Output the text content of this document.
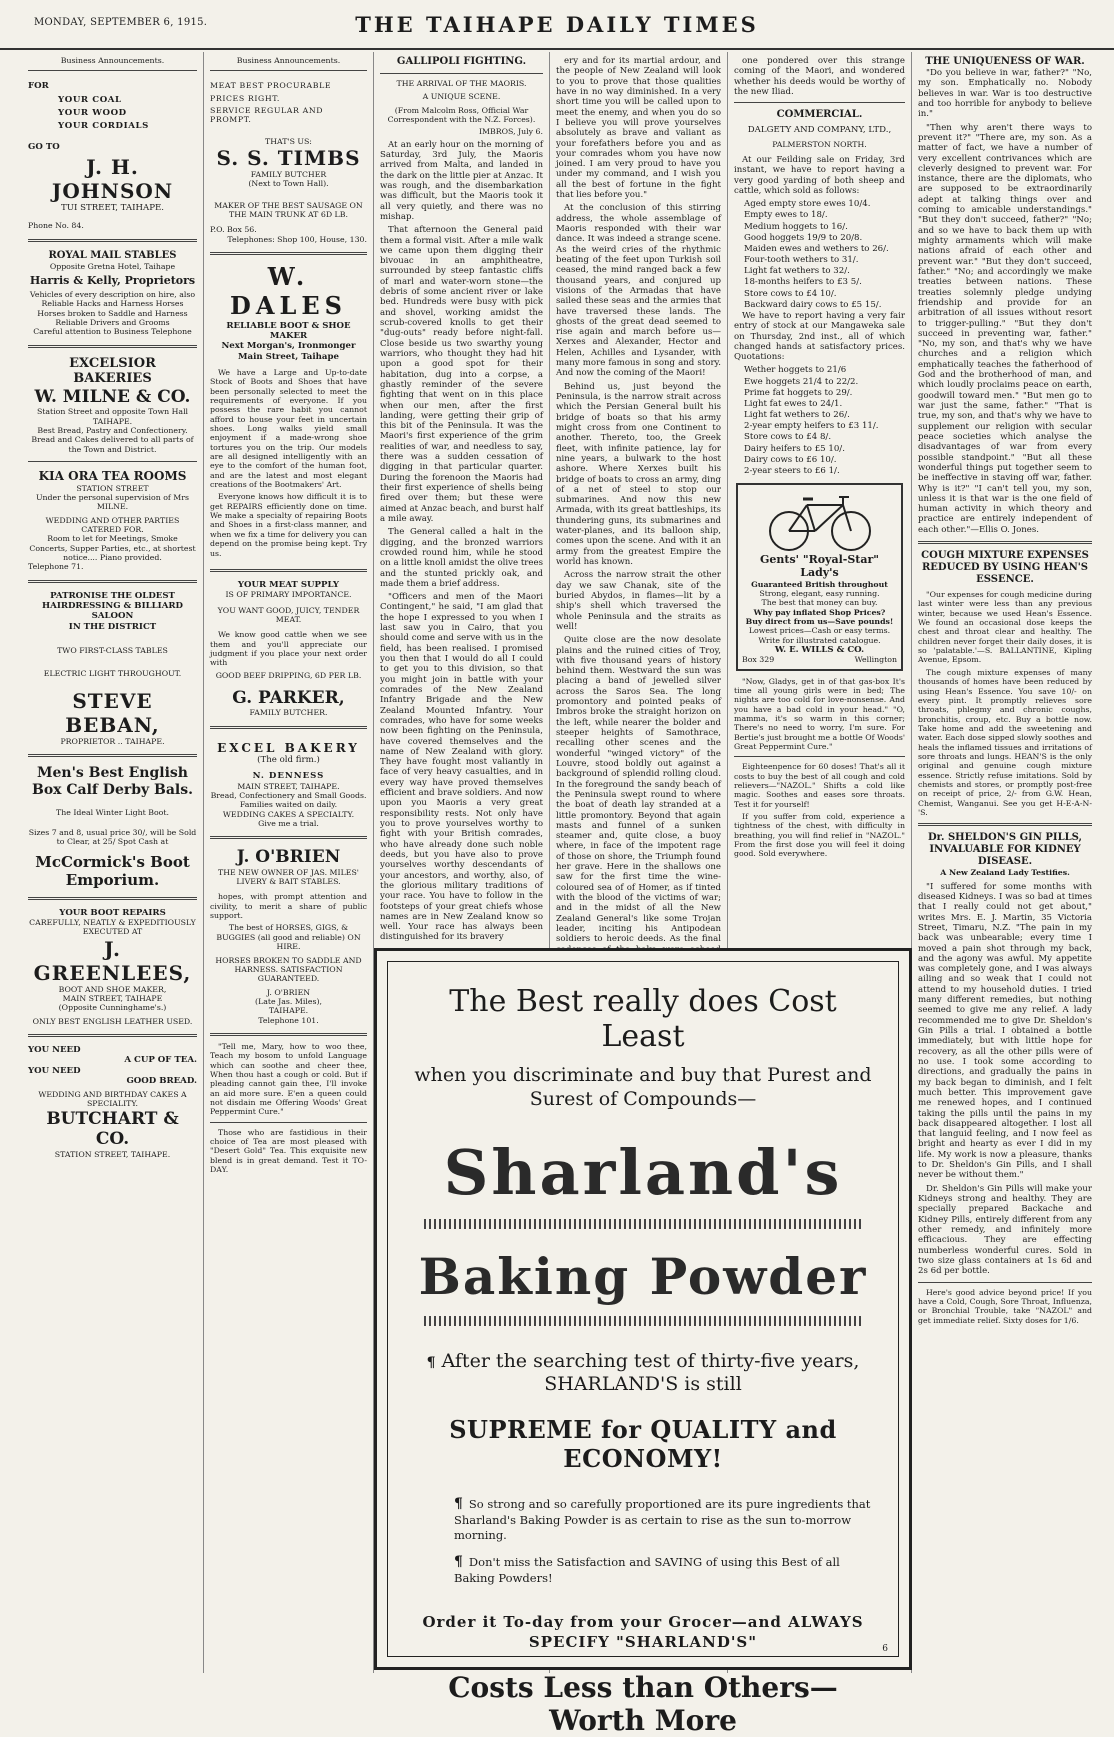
MONDAY, SEPTEMBER 6, 1915.	THE TAIHAPE DAILY TIMES
Business Announcements.
FOR
YOUR COAL
YOUR WOOD
YOUR CORDIALS
GO TO
J. H. JOHNSON
TUI STREET, TAIHAPE.
Phone No. 84.
ROYAL MAIL STABLES
Opposite Gretna Hotel, Taihape
Harris & Kelly, Proprietors
Vehicles of every description on hire, also
Reliable Hacks and Harness Horses
Horses broken to Saddle and Harness
Reliable Drivers and Grooms
Careful attention to Business Telephone
EXCELSIOR BAKERIES
W. MILNE & CO.
Station Street and opposite Town Hall TAIHAPE.
Best Bread, Pastry and Confectionery.
Bread and Cakes delivered to all parts of the Town and District.
KIA ORA TEA ROOMS
STATION STREET
Under the personal supervision of Mrs MILNE.
WEDDING AND OTHER PARTIES CATERED FOR.
Room to let for Meetings, Smoke Concerts, Supper Parties, etc., at shortest notice.... Piano provided.
Telephone 71.
PATRONISE THE OLDEST
HAIRDRESSING & BILLIARD
SALOON
IN THE DISTRICT
TWO FIRST-CLASS TABLES
ELECTRIC LIGHT THROUGHOUT.
STEVE BEBAN,
PROPRIETOR .. TAIHAPE.
Men's Best English Box Calf Derby Bals.
The Ideal Winter Light Boot.
Sizes 7 and 8, usual price 30/, will be Sold to Clear, at 25/ Spot Cash at
McCormick's Boot Emporium.
YOUR BOOT REPAIRS
CAREFULLY, NEATLY & EXPEDITIOUSLY EXECUTED AT
J. GREENLEES,
BOOT AND SHOE MAKER,
MAIN STREET, TAIHAPE
(Opposite Cunninghame's.)
ONLY BEST ENGLISH LEATHER USED.
YOU NEED
A CUP OF TEA.
YOU NEED
GOOD BREAD.
WEDDING AND BIRTHDAY CAKES A SPECIALITY.
BUTCHART & CO.
STATION STREET, TAIHAPE.
Business Announcements.
MEAT BEST PROCURABLE
PRICES RIGHT.
SERVICE REGULAR AND PROMPT.
THAT'S US:
S. S. TIMBS
FAMILY BUTCHER
(Next to Town Hall).
MAKER OF THE BEST SAUSAGE ON THE MAIN TRUNK AT 6D LB.
P.O. Box 56.
Telephones: Shop 100, House, 130.
W. DALES
RELIABLE BOOT & SHOE MAKER
Next Morgan's, Ironmonger
Main Street, Taihape
We have a Large and Up-to-date Stock of Boots and Shoes that have been personally selected to meet the requirements of everyone. If you possess the rare habit you cannot afford to house your feet in uncertain shoes. Long walks yield small enjoyment if a made-wrong shoe tortures you on the trip. Our models are all designed intelligently with an eye to the comfort of the human foot, and are the latest and most elegant creations of the Bootmakers' Art.
Everyone knows how difficult it is to get REPAIRS efficiently done on time. We make a specialty of repairing Boots and Shoes in a first-class manner, and when we fix a time for delivery you can depend on the promise being kept. Try us.
YOUR MEAT SUPPLY
IS OF PRIMARY IMPORTANCE.
YOU WANT GOOD, JUICY, TENDER MEAT.
We know good cattle when we see them and you'll appreciate our judgment if you place your next order with
GOOD BEEF DRIPPING, 6D PER LB.
G. PARKER,
FAMILY BUTCHER.
EXCEL BAKERY
(The old firm.)
N. DENNESS
MAIN STREET, TAIHAPE.
Bread, Confectionery and Small Goods.
Families waited on daily.
WEDDING CAKES A SPECIALTY.
Give me a trial.
J. O'BRIEN
THE NEW OWNER OF JAS. MILES' LIVERY & BAIT STABLES.
hopes, with prompt attention and civility, to merit a share of public support.
The best of HORSES, GIGS, & BUGGIES (all good and reliable) ON HIRE.
HORSES BROKEN TO SADDLE AND HARNESS. SATISFACTION GUARANTEED.
J. O'BRIEN
(Late Jas. Miles),
TAIHAPE.
Telephone 101.
"Tell me, Mary, how to woo thee, Teach my bosom to unfold Language which can soothe and cheer thee, When thou hast a cough or cold. But if pleading cannot gain thee, I'll invoke an aid more sure. E'en a queen could not disdain me Offering Woods' Great Peppermint Cure."
Those who are fastidious in their choice of Tea are most pleased with "Desert Gold" Tea. This exquisite new blend is in great demand. Test it TO-DAY.
GALLIPOLI FIGHTING.
THE ARRIVAL OF THE MAORIS.
A UNIQUE SCENE.
(From Malcolm Ross, Official War Correspondent with the N.Z. Forces).
IMBROS, July 6.
At an early hour on the morning of Saturday, 3rd July, the Maoris arrived from Malta, and landed in the dark on the little pier at Anzac. It was rough, and the disembarkation was difficult, but the Maoris took it all very quietly, and there was no mishap.
That afternoon the General paid them a formal visit. After a mile walk we came upon them digging their bivouac in an amphitheatre, surrounded by steep fantastic cliffs of marl and water-worn stone—the debris of some ancient river or lake bed. Hundreds were busy with pick and shovel, working amidst the scrub-covered knolls to get their "dug-outs" ready before night-fall. Close beside us two swarthy young warriors, who thought they had hit upon a good spot for their habitation, dug into a corpse, a ghastly reminder of the severe fighting that went on in this place when our men, after the first landing, were getting their grip of this bit of the Peninsula. It was the Maori's first experience of the grim realities of war, and needless to say, there was a sudden cessation of digging in that particular quarter. During the forenoon the Maoris had their first experience of shells being fired over them; but these were aimed at Anzac beach, and burst half a mile away.
The General called a halt in the digging, and the bronzed warriors crowded round him, while he stood on a little knoll amidst the olive trees and the stunted prickly oak, and made them a brief address.
"Officers and men of the Maori Contingent," he said, "I am glad that the hope I expressed to you when I last saw you in Cairo, that you should come and serve with us in the field, has been realised. I promised you then that I would do all I could to get you to this division, so that you might join in battle with your comrades of the New Zealand Infantry Brigade and the New Zealand Mounted Infantry. Your comrades, who have for some weeks now been fighting on the Peninsula, have covered themselves and the name of New Zealand with glory. They have fought most valiantly in face of very heavy casualties, and in every way have proved themselves efficient and brave soldiers. And now upon you Maoris a very great responsibility rests. Not only have you to prove yourselves worthy to fight with your British comrades, who have already done such noble deeds, but you have also to prove yourselves worthy descendants of your ancestors, and worthy, also, of the glorious military traditions of your race. You have to follow in the footsteps of your great chiefs whose names are in New Zealand know so well. Your race has always been distinguished for its bravery
ery and for its martial ardour, and the people of New Zealand will look to you to prove that those qualities have in no way diminished. In a very short time you will be called upon to meet the enemy, and when you do so I believe you will prove yourselves absolutely as brave and valiant as your forefathers before you and as your comrades whom you have now joined. I am very proud to have you under my command, and I wish you all the best of fortune in the fight that lies before you."
At the conclusion of this stirring address, the whole assemblage of Maoris responded with their war dance. It was indeed a strange scene. As the weird cries of the rhythmic beating of the feet upon Turkish soil ceased, the mind ranged back a few thousand years, and conjured up visions of the Armadas that have sailed these seas and the armies that have traversed these lands. The ghosts of the great dead seemed to rise again and march before us—Xerxes and Alexander, Hector and Helen, Achilles and Lysander, with many more famous in song and story. And now the coming of the Maori!
Behind us, just beyond the Peninsula, is the narrow strait across which the Persian General built his bridge of boats so that his army might cross from one Continent to another. Thereto, too, the Greek fleet, with infinite patience, lay for nine years, a bulwark to the host ashore. Where Xerxes built his bridge of boats to cross an army, ding of a net of steel to stop our submarines. And now this new Armada, with its great battleships, its thundering guns, its submarines and water-planes, and its balloon ship, comes upon the scene. And with it an army from the greatest Empire the world has known.
Across the narrow strait the other day we saw Chanak, site of the buried Abydos, in flames—lit by a ship's shell which traversed the whole Peninsula and the straits as well!
Quite close are the now desolate plains and the ruined cities of Troy, with five thousand years of history behind them. Westward the sun was placing a band of jewelled silver across the Saros Sea. The long promontory and pointed peaks of Imbros broke the straight horizon on the left, while nearer the bolder and steeper heights of Samothrace, recalling other scenes and the wonderful "winged victory" of the Louvre, stood boldly out against a background of splendid rolling cloud. In the foreground the sandy beach of the Peninsula swept round to where the boat of death lay stranded at a little promontory. Beyond that again masts and funnel of a sunken steamer and, quite close, a buoy where, in face of the impotent rage of those on shore, the Triumph found her grave. Here in the shallows one saw for the first time the wine-coloured sea of of Homer, as if tinted with the blood of the victims of war; and in the midst of all the New Zealand General's like some Trojan leader, inciting his Antipodean soldiers to heroic deeds. As the final
one pondered over this strange coming of the Maori, and wondered whether his deeds would be worthy of the new Iliad.
COMMERCIAL.
DALGETY AND COMPANY, LTD.,
PALMERSTON NORTH.
At our Feilding sale on Friday, 3rd instant, we have to report having a very good yarding of both sheep and cattle, which sold as follows:
Aged empty store ewes 10/4.
Empty ewes to 18/.
Medium hoggets to 16/.
Good hoggets 19/9 to 20/8.
Maiden ewes and wethers to 26/.
Four-tooth wethers to 31/.
Light fat wethers to 32/.
18-months heifers to £3 5/.
Store cows to £4 10/.
Backward dairy cows to £5 15/.
We have to report having a very fair entry of stock at our Mangaweka sale on Thursday, 2nd inst., all of which changed hands at satisfactory prices. Quotations:
Wether hoggets to 21/6
Ewe hoggets 21/4 to 22/2.
Prime fat hoggets to 29/.
Light fat ewes to 24/1.
Light fat wethers to 26/.
2-year empty heifers to £3 11/.
Store cows to £4 8/.
Dairy heifers to £5 10/.
Dairy cows to £6 10/.
2-year steers to £6 1/.
Gents' "Royal-Star" Lady's
Guaranteed British throughout
Strong, elegant, easy running.
The best that money can buy.
Why pay inflated Shop Prices?
Buy direct from us—Save pounds!
Lowest prices—Cash or easy terms.
Write for illustrated catalogue.
W. E. WILLS & CO.
Box 329	Wellington
"Now, Gladys, get in of that gas-box It's time all young girls were in bed; The nights are too cold for love-nonsense. And you have a bad cold in your head." "O, mamma, it's so warm in this corner; There's no need to worry, I'm sure. For Bertie's just brought me a bottle Of Woods' Great Peppermint Cure."
Eighteenpence for 60 doses! That's all it costs to buy the best of all cough and cold relievers—"NAZOL." Shifts a cold like magic. Soothes and eases sore throats. Test it for yourself!
If you suffer from cold, experience a tightness of the chest, with difficulty in breathing, you will find relief in "NAZOL." From the first dose you will feel it doing good. Sold everywhere.
THE UNIQUENESS OF WAR.
"Do you believe in war, father?" "No, my son. Emphatically no. Nobody believes in war. War is too destructive and too horrible for anybody to believe in."
"Then why aren't there ways to prevent it?" "There are, my son. As a matter of fact, we have a number of very excellent contrivances which are cleverly designed to prevent war. For instance, there are the diplomats, who are supposed to be extraordinarily adept at talking things over and coming to amicable understandings." "But they don't succeed, father?" "No; and so we have to back them up with mighty armaments which will make nations afraid of each other and prevent war." "But they don't succeed, father." "No; and accordingly we make treaties between nations. These treaties solemnly pledge undying friendship and provide for an arbitration of all issues without resort to trigger-pulling." "But they don't succeed in preventing war, father." "No, my son, and that's why we have churches and a religion which emphatically teaches the fatherhood of God and the brotherhood of man, and which loudly proclaims peace on earth, goodwill toward men." "But men go to war just the same, father." "That is true, my son, and that's why we have to supplement our religion with secular peace societies which analyse the disadvantages of war from every possible standpoint." "But all these wonderful things put together seem to be ineffective in staving off war, father. Why is it?" "I can't tell you, my son, unless it is that war is the one field of human activity in which theory and practice are entirely independent of each other."—Ellis O. Jones.
COUGH MIXTURE EXPENSES REDUCED BY USING HEAN'S ESSENCE.
"Our expenses for cough medicine during last winter were less than any previous winter, because we used Hean's Essence. We found an occasional dose keeps the chest and throat clear and healthy. The children never forget their daily doses, it is so 'palatable.'—S. BALLANTINE, Kipling Avenue, Epsom.
The cough mixture expenses of many thousands of homes have been reduced by using Hean's Essence. You save 10/- on every pint. It promptly relieves sore throats, phlegmy and chronic coughs, bronchitis, croup, etc. Buy a bottle now. Take home and add the sweetening and water. Each dose sipped slowly soothes and heals the inflamed tissues and irritations of sore throats and lungs. HEAN'S is the only original and genuine cough mixture essence. Strictly refuse imitations. Sold by chemists and stores, or promptly post-free on receipt of price, 2/- from G.W. Hean, Chemist, Wanganui. See you get H-E-A-N-'S.
Dr. SHELDON'S GIN PILLS, INVALUABLE FOR KIDNEY DISEASE.
A New Zealand Lady Testifies.
"I suffered for some months with diseased Kidneys. I was so bad at times that I really could not get about," writes Mrs. E. J. Martin, 35 Victoria Street, Timaru, N.Z. "The pain in my back was unbearable; every time I moved a pain shot through my back, and the agony was awful. My appetite was completely gone, and I was always ailing and so weak that I could not attend to my household duties. I tried many different remedies, but nothing seemed to give me any relief. A lady recommended me to give Dr. Sheldon's Gin Pills a trial. I obtained a bottle immediately, but with little hope for recovery, as all the other pills were of no use. I took some according to directions, and gradually the pains in my back began to diminish, and I felt much better. This improvement gave me renewed hopes, and I continued taking the pills until the pains in my back disappeared altogether. I lost all that languid feeling, and I now feel as bright and hearty as ever I did in my life. My work is now a pleasure, thanks to Dr. Sheldon's Gin Pills, and I shall never be without them."
Dr. Sheldon's Gin Pills will make your Kidneys strong and healthy. They are specially prepared Backache and Kidney Pills, entirely different from any other remedy, and infinitely more efficacious. They are effecting numberless wonderful cures. Sold in two size glass containers at 1s 6d and 2s 6d per bottle.
Here's good advice beyond price! If you have a Cold, Cough, Sore Throat, Influenza, or Bronchial Trouble, take "NAZOL" and get immediate relief. Sixty doses for 1/6.
The Best really does Cost Least
when you discriminate and buy that Purest and Surest of Compounds—
Sharland's
Baking Powder
¶ After the searching test of thirty-five years, SHARLAND'S is still
SUPREME for QUALITY and ECONOMY!
¶ So strong and so carefully proportioned are its pure ingredients that Sharland's Baking Powder is as certain to rise as the sun to-morrow morning.
¶ Don't miss the Satisfaction and SAVING of using this Best of all Baking Powders!
Order it To-day from your Grocer—and ALWAYS SPECIFY "SHARLAND'S"
Costs Less than Others—Worth More
6
